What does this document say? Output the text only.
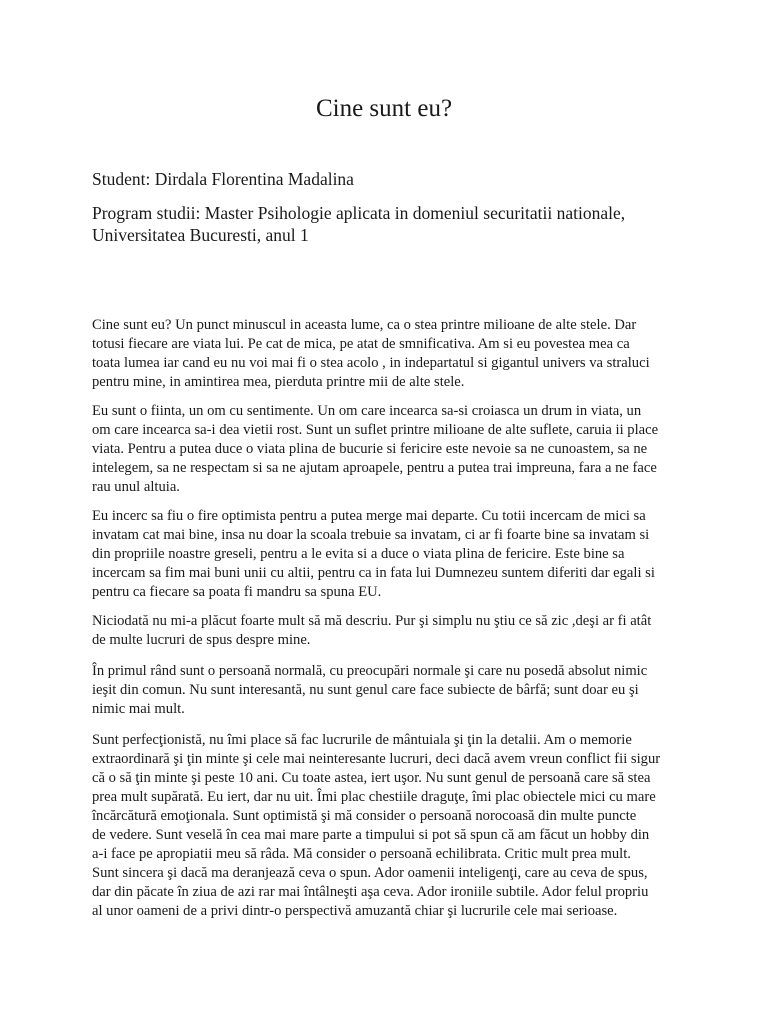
Cine sunt eu?

Student: Dirdala Florentina Madalina

Program studii: Master Psihologie aplicata in domeniul securitatii nationale, Universitatea Bucuresti, anul 1

Cine sunt eu? Un punct minuscul in aceasta lume, ca o stea printre milioane de alte stele. Dar
totusi fiecare are viata lui. Pe cat de mica, pe atat de smnificativa. Am si eu povestea mea ca
toata lumea iar cand eu nu voi mai fi o stea acolo , in indepartatul si gigantul univers va straluci
pentru mine, in amintirea mea, pierduta printre mii de alte stele.

Eu sunt o fiinta, un om cu sentimente. Un om care incearca sa-si croiasca un drum in viata, un
om care incearca sa-i dea vietii rost. Sunt un suflet printre milioane de alte suflete, caruia ii place
viata. Pentru a putea duce o viata plina de bucurie si fericire este nevoie sa ne cunoastem, sa ne
intelegem, sa ne respectam si sa ne ajutam aproapele, pentru a putea trai impreuna, fara a ne face
rau unul altuia.

Eu incerc sa fiu o fire optimista pentru a putea merge mai departe. Cu totii incercam de mici sa
invatam cat mai bine, insa nu doar la scoala trebuie sa invatam, ci ar fi foarte bine sa invatam si
din propriile noastre greseli, pentru a le evita si a duce o viata plina de fericire. Este bine sa
incercam sa fim mai buni unii cu altii, pentru ca in fata lui Dumnezeu suntem diferiti dar egali si
pentru ca fiecare sa poata fi mandru sa spuna EU.

Niciodată nu mi-a plăcut foarte mult să mă descriu. Pur şi simplu nu ştiu ce să zic ,deşi ar fi atât
de multe lucruri de spus despre mine.

În primul rând sunt o persoană normală, cu preocupări normale şi care nu posedă absolut nimic
ieşit din comun. Nu sunt interesantă, nu sunt genul care face subiecte de bârfă; sunt doar eu şi
nimic mai mult.

Sunt perfecţionistă, nu îmi place să fac lucrurile de mântuiala şi ţin la detalii. Am o memorie
extraordinară şi ţin minte şi cele mai neinteresante lucruri, deci dacă avem vreun conflict fii sigur
că o să ţin minte şi peste 10 ani. Cu toate astea, iert uşor. Nu sunt genul de persoană care să stea
prea mult supărată. Eu iert, dar nu uit. Îmi plac chestiile draguţe, îmi plac obiectele mici cu mare
încărcătură emoţionala. Sunt optimistă şi mă consider o persoană norocoasă din multe puncte
de vedere. Sunt veselă în cea mai mare parte a timpului si pot să spun că am făcut un hobby din
a-i face pe apropiatii meu să râda. Mă consider o persoană echilibrata. Critic mult prea mult.
Sunt sincera şi dacă ma deranjează ceva o spun. Ador oamenii inteligenţi, care au ceva de spus,
dar din păcate în ziua de azi rar mai întâlneşti aşa ceva. Ador ironiile subtile. Ador felul propriu
al unor oameni de a privi dintr-o perspectivă amuzantă chiar şi lucrurile cele mai serioase.
